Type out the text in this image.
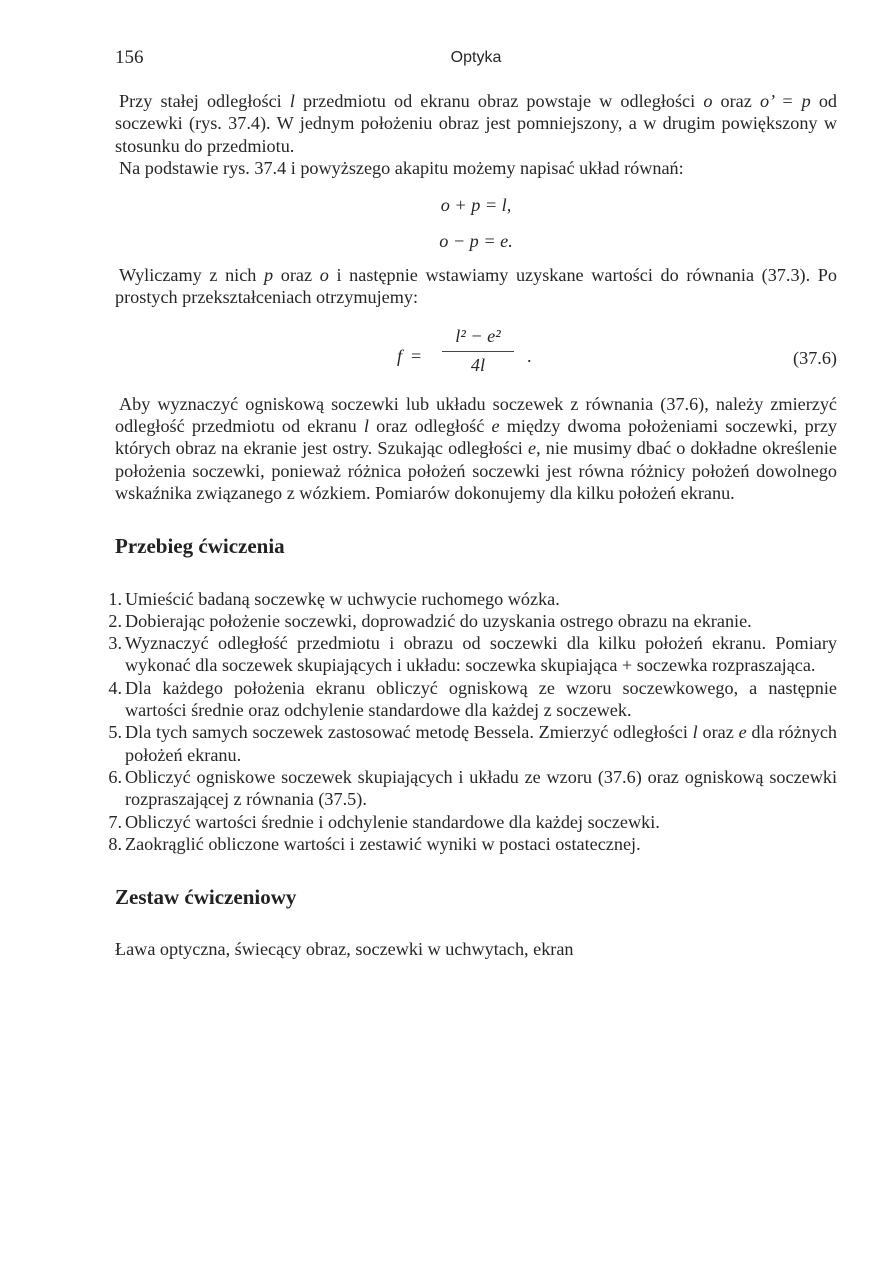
156	Optyka

Przy stałej odległości l przedmiotu od ekranu obraz powstaje w odległości o oraz o’ = p od soczewki (rys. 37.4). W jednym położeniu obraz jest pomniejszony, a w drugim powiększony w stosunku do przedmiotu.

Na podstawie rys. 37.4 i powyższego akapitu możemy napisać układ równań:

o + p = l,
o − p = e.

Wyliczamy z nich p oraz o i następnie wstawiamy uzyskane wartości do równania (37.3). Po prostych przekształceniach otrzymujemy:

f =
l² − e²
4l	.	(37.6)

Aby wyznaczyć ogniskową soczewki lub układu soczewek z równania (37.6), należy zmierzyć odległość przedmiotu od ekranu l oraz odległość e między dwoma położeniami soczewki, przy których obraz na ekranie jest ostry. Szukając odległości e, nie musimy dbać o dokładne określenie położenia soczewki, ponieważ różnica położeń soczewki jest równa różnicy położeń dowolnego wskaźnika związanego z wózkiem. Pomiarów dokonujemy dla kilku położeń ekranu.

Przebieg ćwiczenia
1. Umieścić badaną soczewkę w uchwycie ruchomego wózka.
2. Dobierając położenie soczewki, doprowadzić do uzyskania ostrego obrazu na ekranie.
3. Wyznaczyć odległość przedmiotu i obrazu od soczewki dla kilku położeń ekranu. Pomiary wykonać dla soczewek skupiających i układu: soczewka skupiająca + soczewka rozpraszająca.
4. Dla każdego położenia ekranu obliczyć ogniskową ze wzoru soczewkowego, a następnie wartości średnie oraz odchylenie standardowe dla każdej z soczewek.
5. Dla tych samych soczewek zastosować metodę Bessela. Zmierzyć odległości l oraz e dla różnych położeń ekranu.
6. Obliczyć ogniskowe soczewek skupiających i układu ze wzoru (37.6) oraz ogniskową soczewki rozpraszającej z równania (37.5).
7. Obliczyć wartości średnie i odchylenie standardowe dla każdej soczewki.
8. Zaokrąglić obliczone wartości i zestawić wyniki w postaci ostatecznej.
Zestaw ćwiczeniowy

Ława optyczna, świecący obraz, soczewki w uchwytach, ekran
